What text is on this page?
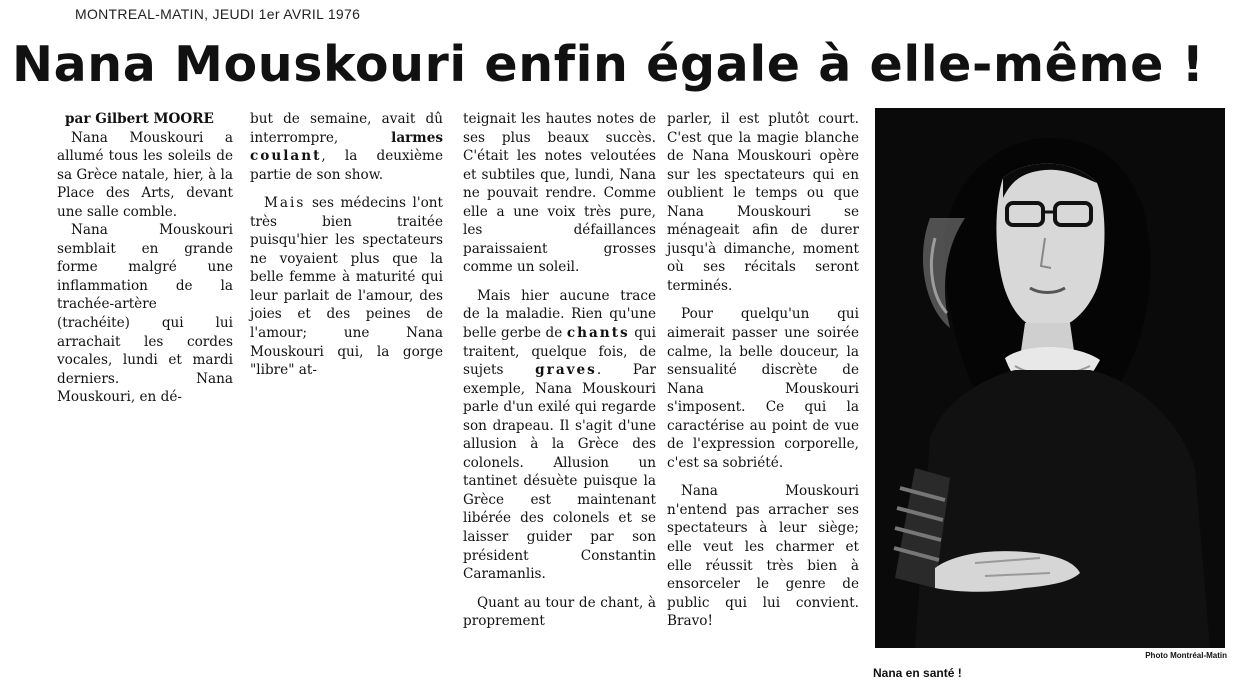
MONTREAL-MATIN, JEUDI 1er AVRIL 1976
Nana Mouskouri enfin égale à elle-même !
par Gilbert MOORE

Nana Mouskouri a allumé tous les soleils de sa Grèce natale, hier, à la Place des Arts, devant une salle comble.

Nana Mouskouri semblait en grande forme malgré une inflammation de la trachée-artère (trachéite) qui lui arrachait les cordes vocales, lundi et mardi derniers. Nana Mouskouri, en dé-

but de semaine, avait dû interrompre,	larmes coulant, la deuxième partie de son show.

Mais ses médecins l'ont très bien traitée puisqu'hier les spectateurs ne voyaient plus que la belle femme à maturité qui leur parlait de l'amour, des joies et des peines de l'amour; une Nana Mouskouri qui, la gorge "libre" at-

teignait les hautes notes de ses plus beaux succès. C'était les notes veloutées et subtiles que, lundi, Nana ne pouvait rendre. Comme elle a une voix très pure, les défaillances paraissaient grosses comme un soleil.

Mais hier aucune trace de la maladie. Rien qu'une belle gerbe de chants qui traitent, quelque fois, de sujets graves. Par exemple, Nana Mouskouri parle d'un exilé qui regarde son drapeau. Il s'agit d'une allusion à la Grèce des colonels. Allusion un tantinet désuète puisque la Grèce est maintenant libérée des colonels et se laisser guider par son président Constantin Caramanlis.

Quant au tour de chant, à proprement

parler, il est plutôt court. C'est que la magie blanche de Nana Mouskouri opère sur les spectateurs qui en oublient le temps ou que Nana Mouskouri se ménageait afin de durer jusqu'à dimanche, moment où ses récitals seront terminés.

Pour quelqu'un qui aimerait passer une soirée calme, la belle douceur, la sensualité discrète de Nana Mouskouri s'imposent. Ce qui la caractérise au point de vue de l'expression corporelle, c'est sa sobriété.

Nana Mouskouri n'entend pas arracher ses spectateurs à leur siège; elle veut les charmer et elle réussit très bien à ensorceler le genre de public qui lui convient. Bravo!

Photo Montréal-Matin
Nana en santé !
